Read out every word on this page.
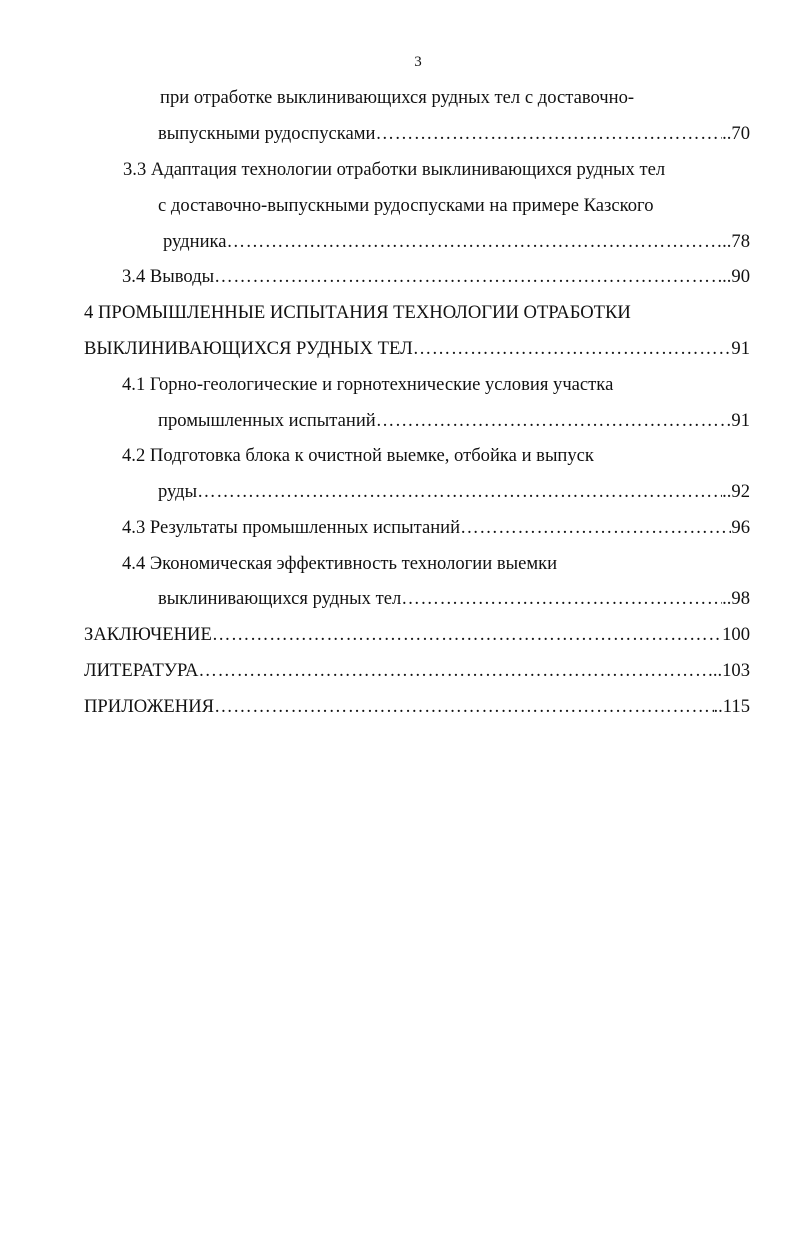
3
при отработке выклинивающихся рудных тел с доставочно-
выпускными рудоспусками ………………………………………………………………………………………………………………………………………	..70
3.3 Адаптация технологии отработки выклинивающихся рудных тел
с доставочно-выпускными рудоспусками на примере Казского
рудника ………………………………………………………………………………………………………………………………………	..78
3.4 Выводы ………………………………………………………………………………………………………………………………………	..90
4 ПРОМЫШЛЕННЫЕ ИСПЫТАНИЯ ТЕХНОЛОГИИ ОТРАБОТКИ
ВЫКЛИНИВАЮЩИХСЯ РУДНЫХ ТЕЛ ………………………………………………………………………………………………………………………………………	91
4.1 Горно-геологические и горнотехнические условия участка
промышленных испытаний ………………………………………………………………………………………………………………………………………	91
4.2 Подготовка блока к очистной выемке, отбойка и выпуск
руды ………………………………………………………………………………………………………………………………………	..92
4.3 Результаты промышленных испытаний ………………………………………………………………………………………………………………………………………	96
4.4 Экономическая эффективность технологии выемки
выклинивающихся рудных тел ………………………………………………………………………………………………………………………………………	..98
ЗАКЛЮЧЕНИЕ ………………………………………………………………………………………………………………………………………	100
ЛИТЕРАТУРА ………………………………………………………………………………………………………………………………………	..103
ПРИЛОЖЕНИЯ ………………………………………………………………………………………………………………………………………	..115
